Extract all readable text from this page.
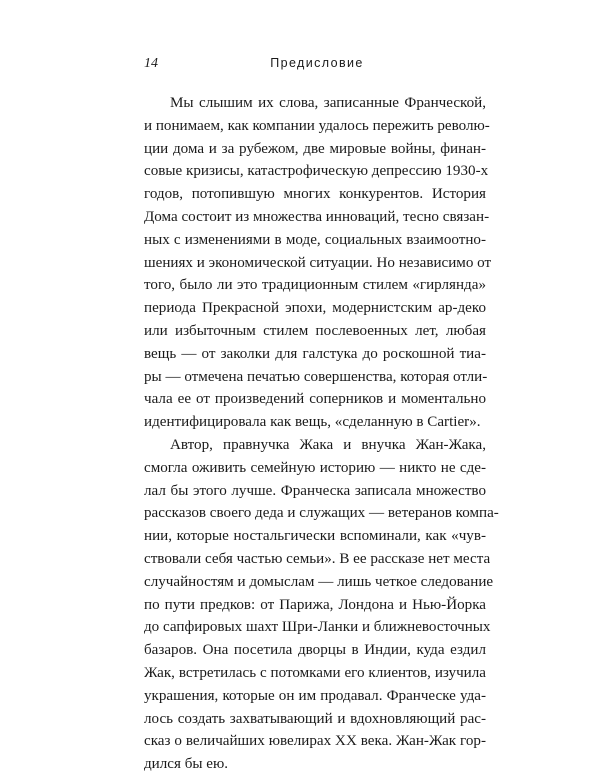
14	Предисловие
Мы слышим их слова, записанные Франческой,
и понимаем, как компании удалось пережить револю-
ции дома и за рубежом, две мировые войны, финан-
совые кризисы, катастрофическую депрессию 1930-х
годов, потопившую многих конкурентов. История
Дома состоит из множества инноваций, тесно связан-
ных с изменениями в моде, социальных взаимоотно-
шениях и экономической ситуации. Но независимо от
того, было ли это традиционным стилем «гирлянда»
периода Прекрасной эпохи, модернистским ар-деко
или избыточным стилем послевоенных лет, любая
вещь — от заколки для галстука до роскошной тиа-
ры — отмечена печатью совершенства, которая отли-
чала ее от произведений соперников и моментально
идентифицировала как вещь, «сделанную в Cartier».
Автор, правнучка Жака и внучка Жан-Жака,
смогла оживить семейную историю — никто не сде-
лал бы этого лучше. Франческа записала множество
рассказов своего деда и служащих — ветеранов компа-
нии, которые ностальгически вспоминали, как «чув-
ствовали себя частью семьи». В ее рассказе нет места
случайностям и домыслам — лишь четкое следование
по пути предков: от Парижа, Лондона и Нью-Йорка
до сапфировых шахт Шри-Ланки и ближневосточных
базаров. Она посетила дворцы в Индии, куда ездил
Жак, встретилась с потомками его клиентов, изучила
украшения, которые он им продавал. Франческе уда-
лось создать захватывающий и вдохновляющий рас-
сказ о величайших ювелирах XX века. Жан-Жак гор-
дился бы ею.
